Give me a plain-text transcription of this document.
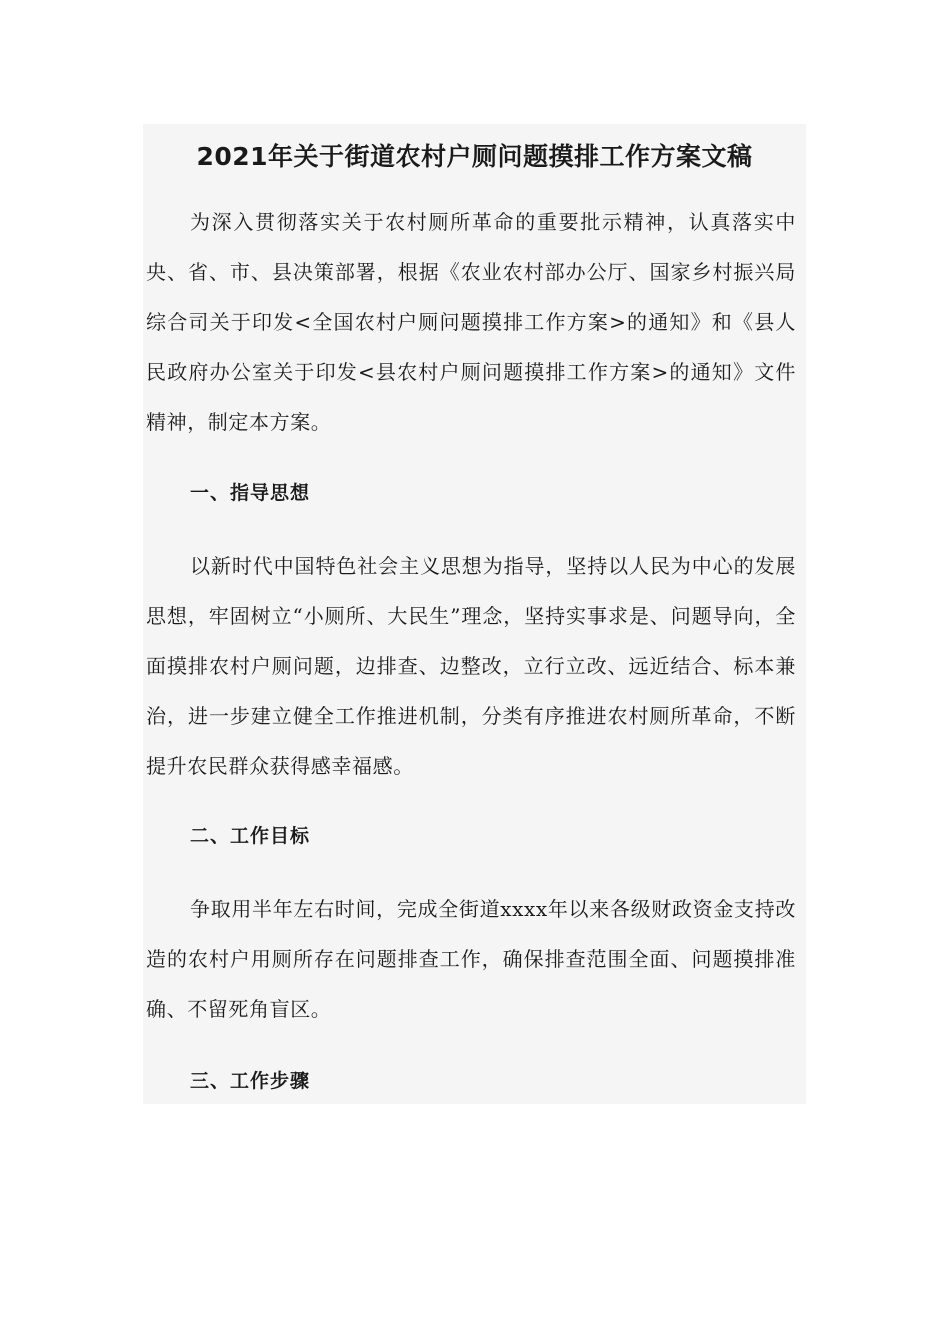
2021年关于街道农村户厕问题摸排工作方案文稿

为深入贯彻落实关于农村厕所革命的重要批示精神，认真落实中央、省、市、县决策部署，根据《农业农村部办公厅、国家乡村振兴局综合司关于印发<全国农村户厕问题摸排工作方案>的通知》和《县人民政府办公室关于印发<县农村户厕问题摸排工作方案>的通知》文件精神，制定本方案。

一、指导思想

以新时代中国特色社会主义思想为指导，坚持以人民为中心的发展思想，牢固树立“小厕所、大民生”理念，坚持实事求是、问题导向，全面摸排农村户厕问题，边排查、边整改，立行立改、远近结合、标本兼治，进一步建立健全工作推进机制，分类有序推进农村厕所革命，不断提升农民群众获得感幸福感。

二、工作目标

争取用半年左右时间，完成全街道xxxx年以来各级财政资金支持改造的农村户用厕所存在问题排查工作，确保排查范围全面、问题摸排准确、不留死角盲区。

三、工作步骤
